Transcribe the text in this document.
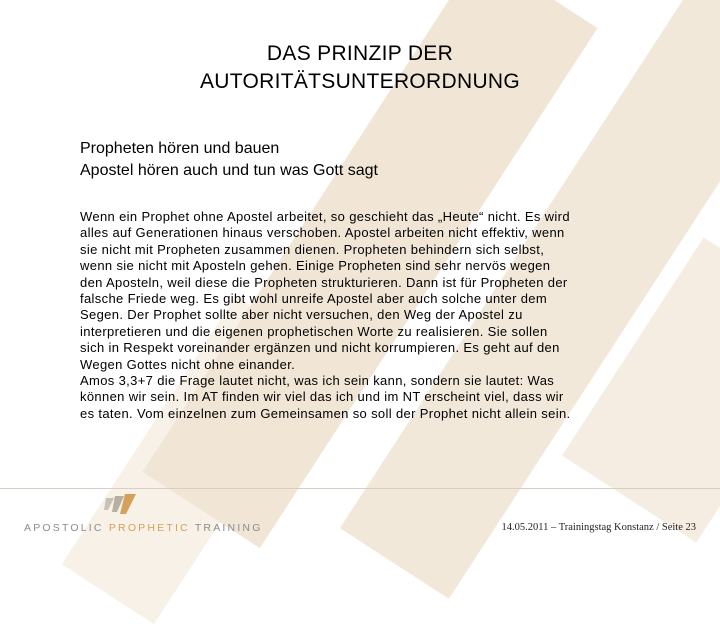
DAS PRINZIP DER
AUTORITÄTSUNTERORDNUNG
Propheten hören und bauen
Apostel hören auch und tun was Gott sagt

Wenn ein Prophet ohne Apostel arbeitet, so geschieht das „Heute“ nicht. Es wird

alles auf Generationen hinaus verschoben. Apostel arbeiten nicht effektiv, wenn

sie nicht mit Propheten zusammen dienen. Propheten behindern sich selbst,

wenn sie nicht mit Aposteln gehen. Einige Propheten sind sehr nervös wegen

den Aposteln, weil diese die Propheten strukturieren. Dann ist für Propheten der

falsche Friede weg. Es gibt wohl unreife Apostel aber auch solche unter dem

Segen. Der Prophet sollte aber nicht versuchen, den Weg der Apostel zu

interpretieren und die eigenen prophetischen Worte zu realisieren. Sie sollen

sich in Respekt voreinander ergänzen und nicht korrumpieren. Es geht auf den

Wegen Gottes nicht ohne einander.

Amos 3,3+7 die Frage lautet nicht, was ich sein kann, sondern sie lautet: Was

können wir sein. Im AT finden wir viel das ich und im NT erscheint viel, dass wir

es taten. Vom einzelnen zum Gemeinsamen so soll der Prophet nicht allein sein.

APOSTOLIC PROPHETIC TRAINING	14.05.2011 – Trainingstag Konstanz / Seite 23
